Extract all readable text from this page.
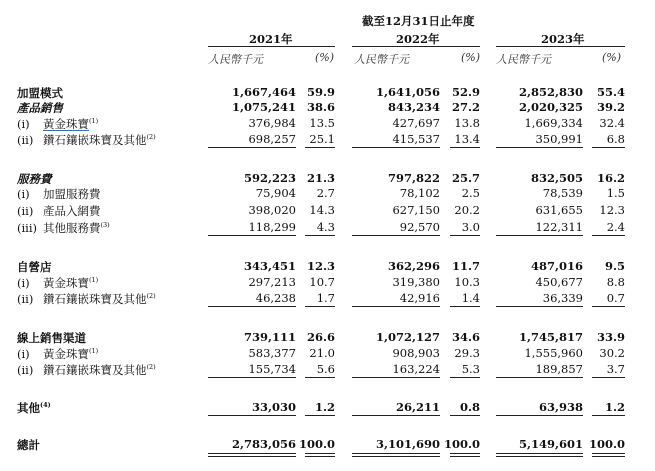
截至12月31日止年度
2021年	2022年	2023年
人民幣千元	(%) 人民幣千元	(%) 人民幣千元	(%)
加盟模式	1,667,464 59.9	1,641,056	52.9	2,852,830	55.4
產品銷售	1,075,241 38.6	843,234	27.2	2,020,325	39.2
(i) 黃金珠寶$^{(1)}$	376,984	13.5	427,697	13.8	1,669,334	32.4
(ii) 鑽石鑲嵌珠寶及其他$^{(2)}$	698,257	25.1	415,537	13.4	350,991	6.8
服務費	592,223 21.3	797,822	25.7	832,505	16.2
(i) 加盟服務費	75,904	2.7	78,102	2.5	78,539	1.5
(ii) 產品入網費	398,020	14.3	627,150	20.2	631,655	12.3
(iii) 其他服務費$^{(3)}$	118,299	4.3	92,570	3.0	122,311	2.4
自營店	343,451 12.3	362,296	11.7	487,016	9.5
(i) 黃金珠寶$^{(1)}$	297,213	10.7	319,380	10.3	450,677	8.8
(ii) 鑽石鑲嵌珠寶及其他$^{(2)}$	46,238	1.7	42,916	1.4	36,339	0.7
線上銷售渠道	739,111 26.6	1,072,127	34.6	1,745,817	33.9
(i) 黃金珠寶$^{(1)}$	583,377	21.0	908,903	29.3	1,555,960	30.2
(ii) 鑽石鑲嵌珠寶及其他$^{(2)}$	155,734	5.6	163,224	5.3	189,857	3.7
其他$^{(4)}$	33,030	1.2	26,211	0.8	63,938	1.2
總計	2,783,056 100.0	3,101,690 100.0	5,149,601 100.0
